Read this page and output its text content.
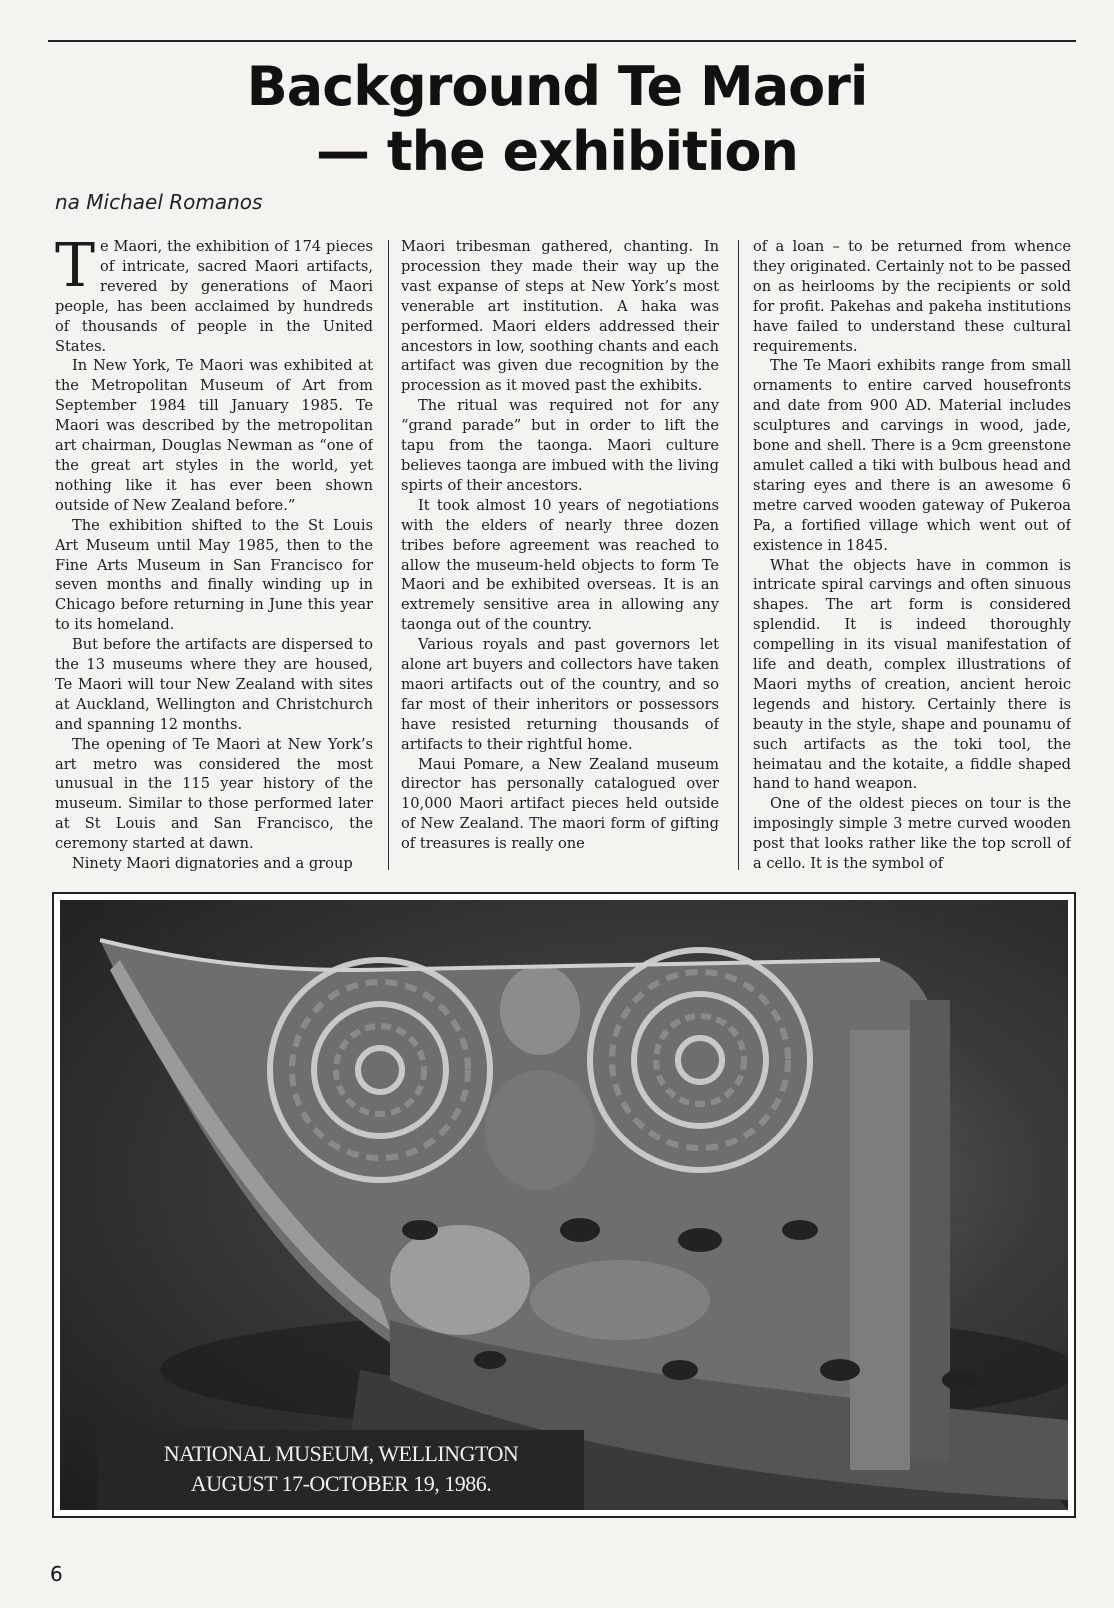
Background Te Maori
— the exhibition
na Michael Romanos

Te Maori, the exhibition of 174 pieces of intricate, sacred Maori artifacts, revered by generations of Maori people, has been acclaimed by hundreds of thousands of people in the United States.

In New York, Te Maori was exhibited at the Metropolitan Museum of Art from September 1984 till January 1985. Te Maori was described by the metropolitan art chairman, Douglas Newman as “one of the great art styles in the world, yet nothing like it has ever been shown outside of New Zealand before.”

The exhibition shifted to the St Louis Art Museum until May 1985, then to the Fine Arts Museum in San Francisco for seven months and finally winding up in Chicago before returning in June this year to its homeland.

But before the artifacts are dispersed to the 13 museums where they are housed, Te Maori will tour New Zealand with sites at Auckland, Wellington and Christchurch and spanning 12 months.

The opening of Te Maori at New York’s art metro was considered the most unusual in the 115 year history of the museum. Similar to those performed later at St Louis and San Francisco, the ceremony started at dawn.

Ninety Maori dignatories and a group

Maori tribesman gathered, chanting. In procession they made their way up the vast expanse of steps at New York’s most venerable art institution. A haka was performed. Maori elders addressed their ancestors in low, soothing chants and each artifact was given due recognition by the procession as it moved past the exhibits.

The ritual was required not for any “grand parade” but in order to lift the tapu from the taonga. Maori culture believes taonga are imbued with the living spirts of their ancestors.

It took almost 10 years of negotiations with the elders of nearly three dozen tribes before agreement was reached to allow the museum-held objects to form Te Maori and be exhibited overseas. It is an extremely sensitive area in allowing any taonga out of the country.

Various royals and past governors let alone art buyers and collectors have taken maori artifacts out of the country, and so far most of their inheritors or possessors have resisted returning thousands of artifacts to their rightful home.

Maui Pomare, a New Zealand museum director has personally catalogued over 10,000 Maori artifact pieces held outside of New Zealand. The maori form of gifting of treasures is really one

of a loan – to be returned from whence they originated. Certainly not to be passed on as heirlooms by the recipients or sold for profit. Pakehas and pakeha institutions have failed to understand these cultural requirements.

The Te Maori exhibits range from small ornaments to entire carved housefronts and date from 900 AD. Material includes sculptures and carvings in wood, jade, bone and shell. There is a 9cm greenstone amulet called a tiki with bulbous head and staring eyes and there is an awesome 6 metre carved wooden gateway of Pukeroa Pa, a fortified village which went out of existence in 1845.

What the objects have in common is intricate spiral carvings and often sinuous shapes. The art form is considered splendid. It is indeed thoroughly compelling in its visual manifestation of life and death, complex illustrations of Maori myths of creation, ancient heroic legends and history. Certainly there is beauty in the style, shape and pounamu of such artifacts as the toki tool, the heimatau and the kotaite, a fiddle shaped hand to hand weapon.

One of the oldest pieces on tour is the imposingly simple 3 metre curved wooden post that looks rather like the top scroll of a cello. It is the symbol of

NATIONAL MUSEUM, WELLINGTON
AUGUST 17-OCTOBER 19, 1986.
6
